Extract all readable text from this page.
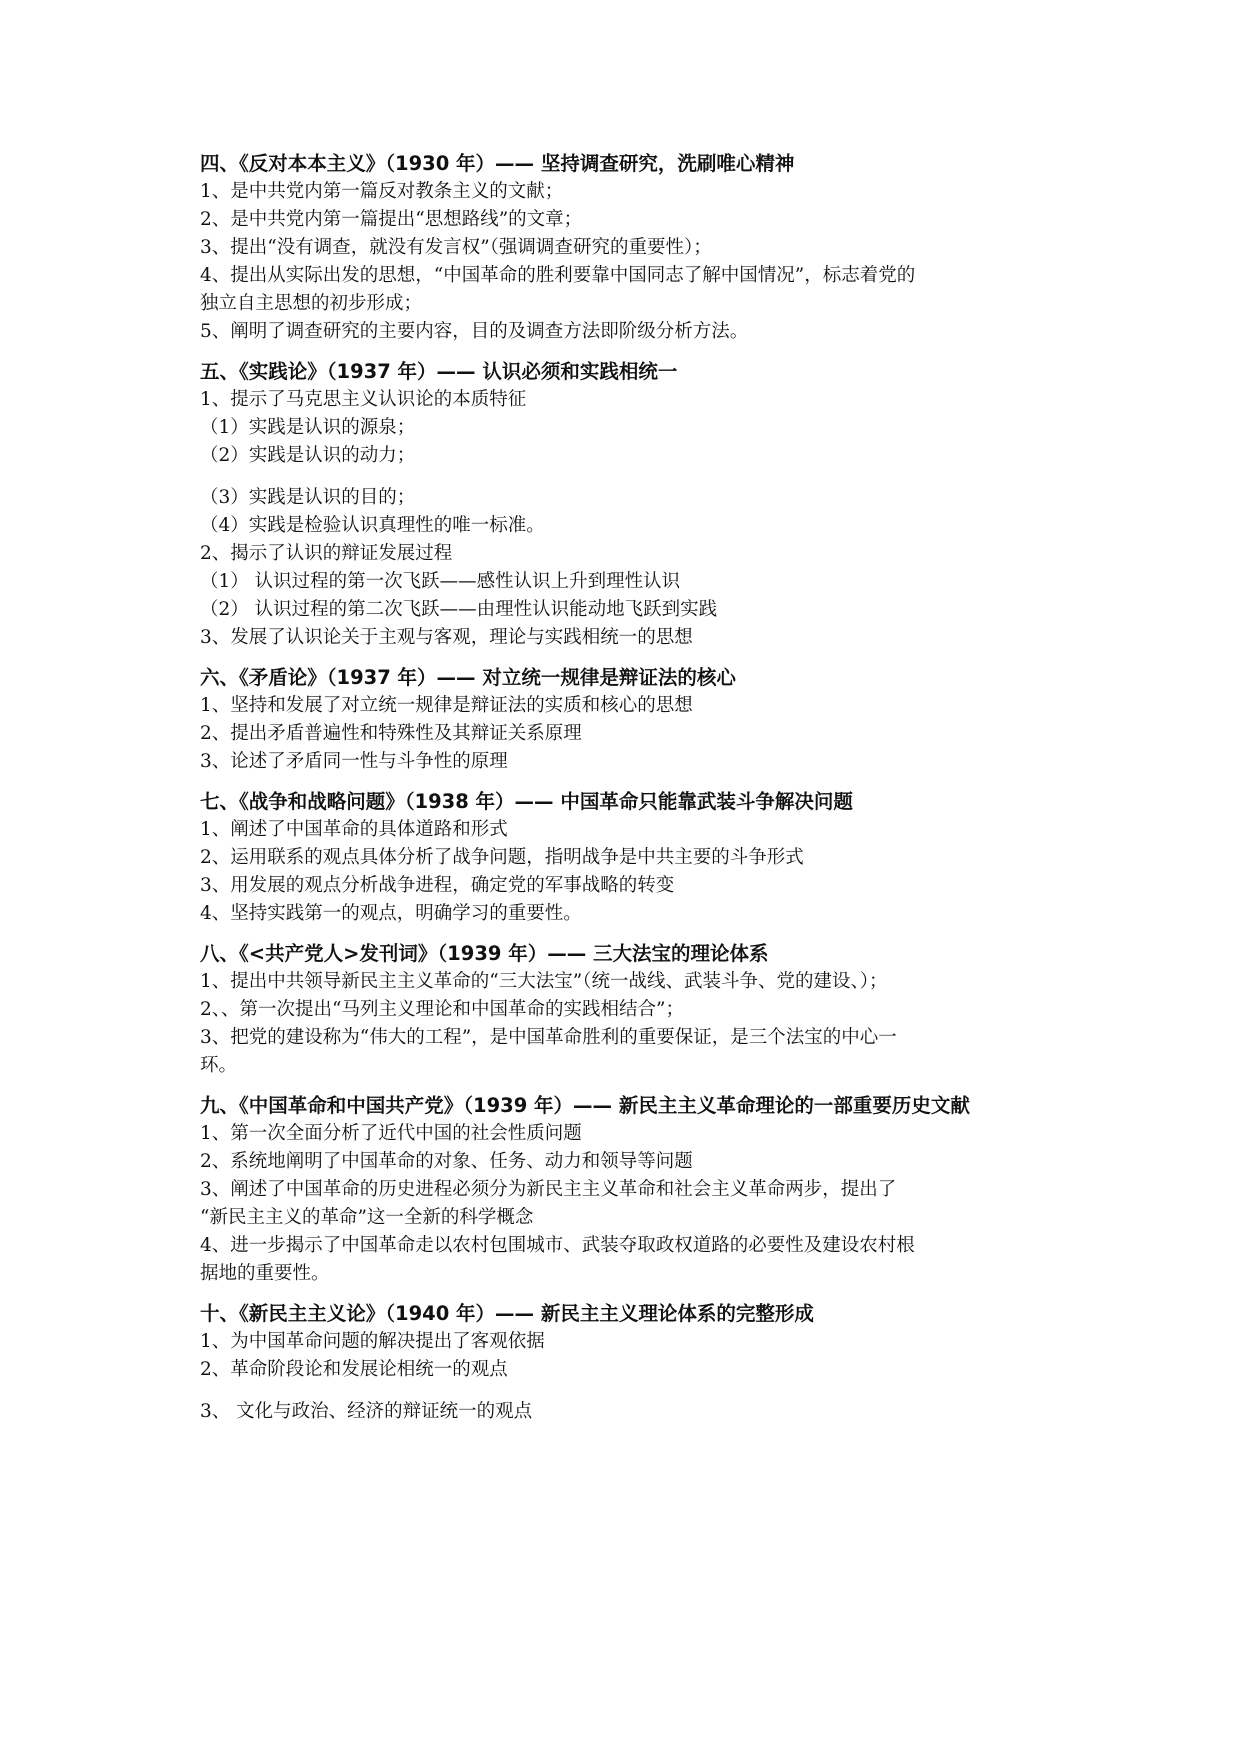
四、《反对本本主义》（1930 年）—— 坚持调查研究，洗刷唯心精神

1、是中共党内第一篇反对教条主义的文献；

2、是中共党内第一篇提出“思想路线”的文章；

3、提出“没有调查，就没有发言权”（强调调查研究的重要性）；

4、提出从实际出发的思想，“中国革命的胜利要靠中国同志了解中国情况”，标志着党的

独立自主思想的初步形成；

5、阐明了调查研究的主要内容，目的及调查方法即阶级分析方法。

五、《实践论》（1937 年）—— 认识必须和实践相统一

1、提示了马克思主义认识论的本质特征

（1）实践是认识的源泉；

（2）实践是认识的动力；

（3）实践是认识的目的；

（4）实践是检验认识真理性的唯一标准。

2、揭示了认识的辩证发展过程

（1） 认识过程的第一次飞跃——感性认识上升到理性认识

（2） 认识过程的第二次飞跃——由理性认识能动地飞跃到实践

3、发展了认识论关于主观与客观，理论与实践相统一的思想

六、《矛盾论》（1937 年）—— 对立统一规律是辩证法的核心

1、坚持和发展了对立统一规律是辩证法的实质和核心的思想

2、提出矛盾普遍性和特殊性及其辩证关系原理

3、论述了矛盾同一性与斗争性的原理

七、《战争和战略问题》（1938 年）—— 中国革命只能靠武装斗争解决问题

1、阐述了中国革命的具体道路和形式

2、运用联系的观点具体分析了战争问题，指明战争是中共主要的斗争形式

3、用发展的观点分析战争进程，确定党的军事战略的转变

4、坚持实践第一的观点，明确学习的重要性。

八、《<共产党人>发刊词》（1939 年）—— 三大法宝的理论体系

1、提出中共领导新民主主义革命的“三大法宝”（统一战线、武装斗争、党的建设、）；

2、、第一次提出“马列主义理论和中国革命的实践相结合”；

3、把党的建设称为“伟大的工程”，是中国革命胜利的重要保证，是三个法宝的中心一

环。

九、《中国革命和中国共产党》（1939 年）—— 新民主主义革命理论的一部重要历史文献

1、第一次全面分析了近代中国的社会性质问题

2、系统地阐明了中国革命的对象、任务、动力和领导等问题

3、阐述了中国革命的历史进程必须分为新民主主义革命和社会主义革命两步，提出了

“新民主主义的革命”这一全新的科学概念

4、进一步揭示了中国革命走以农村包围城市、武装夺取政权道路的必要性及建设农村根

据地的重要性。

十、《新民主主义论》（1940 年）—— 新民主主义理论体系的完整形成

1、为中国革命问题的解决提出了客观依据

2、革命阶段论和发展论相统一的观点

3、 文化与政治、经济的辩证统一的观点
